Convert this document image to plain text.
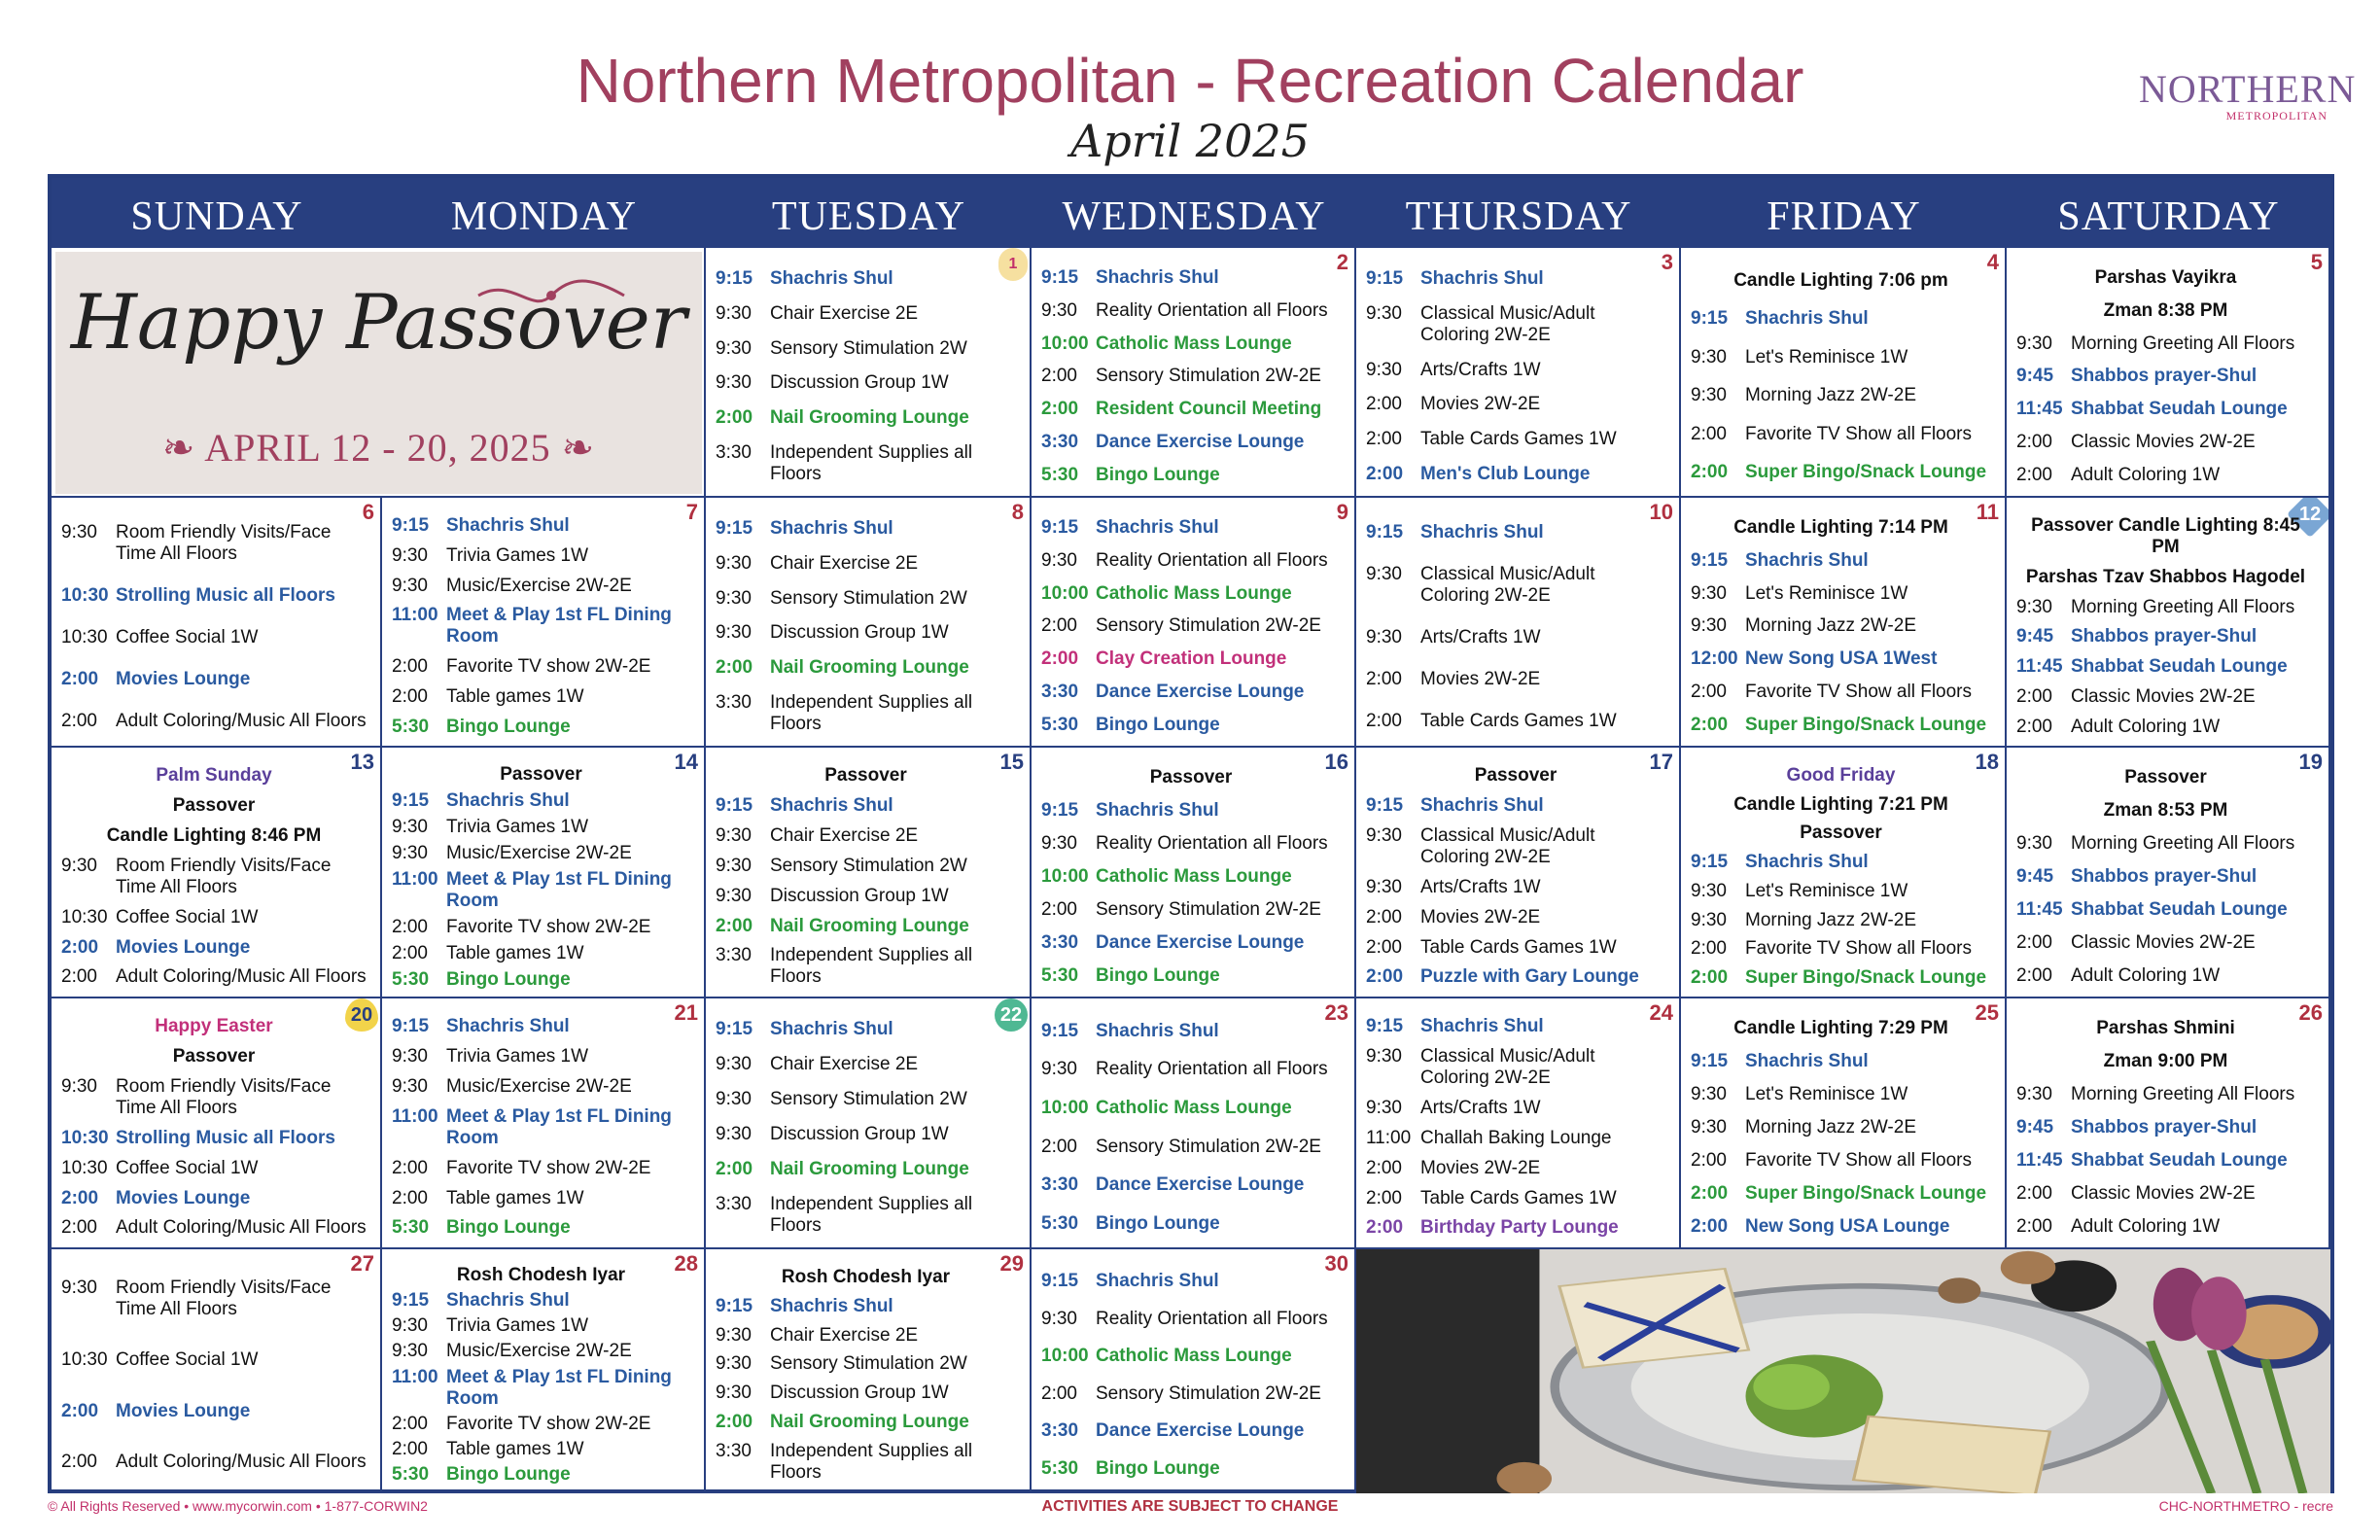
Northern Metropolitan - Recreation Calendar
April 2025
NORTHERN
METROPOLITAN
SUNDAY	MONDAY	TUESDAY	WEDNESDAY	THURSDAY	FRIDAY	SATURDAY
Happy Passover
❧ APRIL 12 - 20, 2025 ❧
1
9:15 Shachris Shul
9:30	Chair Exercise 2E
9:30	Sensory Stimulation 2W
9:30	Discussion Group 1W
2:00 Nail Grooming Lounge
3:30	Independent Supplies all Floors
2
9:15 Shachris Shul
9:30	Reality Orientation all Floors
10:00 Catholic Mass Lounge
2:00	Sensory Stimulation 2W-2E
2:00 Resident Council Meeting
3:30 Dance Exercise Lounge
5:30 Bingo Lounge
3
9:15 Shachris Shul
9:30	Classical Music/Adult Coloring 2W-2E
9:30	Arts/Crafts 1W
2:00	Movies 2W-2E
2:00	Table Cards Games 1W
2:00 Men's Club Lounge
4
Candle Lighting 7:06 pm
9:15 Shachris Shul
9:30	Let's Reminisce 1W
9:30	Morning Jazz 2W-2E
2:00	Favorite TV Show all Floors
2:00 Super Bingo/Snack Lounge
5
Parshas Vayikra
Zman 8:38 PM
9:30	Morning Greeting All Floors
9:45 Shabbos prayer-Shul
11:45 Shabbat Seudah Lounge
2:00	Classic Movies 2W-2E
2:00	Adult Coloring 1W
6
9:30	Room Friendly Visits/Face Time All Floors
10:30 Strolling Music all Floors
10:30 Coffee Social 1W
2:00 Movies Lounge
2:00	Adult Coloring/Music All Floors
7
9:15 Shachris Shul
9:30	Trivia Games 1W
9:30	Music/Exercise 2W-2E
11:00 Meet & Play 1st FL Dining Room
2:00	Favorite TV show 2W-2E
2:00	Table games 1W
5:30 Bingo Lounge
8
9:15 Shachris Shul
9:30	Chair Exercise 2E
9:30	Sensory Stimulation 2W
9:30	Discussion Group 1W
2:00 Nail Grooming Lounge
3:30	Independent Supplies all Floors
9
9:15 Shachris Shul
9:30	Reality Orientation all Floors
10:00 Catholic Mass Lounge
2:00	Sensory Stimulation 2W-2E
2:00 Clay Creation Lounge
3:30 Dance Exercise Lounge
5:30 Bingo Lounge
10
9:15 Shachris Shul
9:30	Classical Music/Adult Coloring 2W-2E
9:30	Arts/Crafts 1W
2:00	Movies 2W-2E
2:00	Table Cards Games 1W
11
Candle Lighting 7:14 PM
9:15 Shachris Shul
9:30	Let's Reminisce 1W
9:30	Morning Jazz 2W-2E
12:00 New Song USA 1West
2:00	Favorite TV Show all Floors
2:00 Super Bingo/Snack Lounge
12
Passover Candle Lighting 8:45 PM
Parshas Tzav Shabbos Hagodel
9:30	Morning Greeting All Floors
9:45 Shabbos prayer-Shul
11:45 Shabbat Seudah Lounge
2:00	Classic Movies 2W-2E
2:00	Adult Coloring 1W
13
Palm Sunday
Passover
Candle Lighting 8:46 PM
9:30	Room Friendly Visits/Face Time All Floors
10:30 Coffee Social 1W
2:00 Movies Lounge
2:00	Adult Coloring/Music All Floors
14
Passover
9:15 Shachris Shul
9:30	Trivia Games 1W
9:30	Music/Exercise 2W-2E
11:00 Meet & Play 1st FL Dining Room
2:00	Favorite TV show 2W-2E
2:00	Table games 1W
5:30 Bingo Lounge
15
Passover
9:15 Shachris Shul
9:30	Chair Exercise 2E
9:30	Sensory Stimulation 2W
9:30	Discussion Group 1W
2:00 Nail Grooming Lounge
3:30	Independent Supplies all Floors
16
Passover
9:15 Shachris Shul
9:30	Reality Orientation all Floors
10:00 Catholic Mass Lounge
2:00	Sensory Stimulation 2W-2E
3:30 Dance Exercise Lounge
5:30 Bingo Lounge
17
Passover
9:15 Shachris Shul
9:30	Classical Music/Adult Coloring 2W-2E
9:30	Arts/Crafts 1W
2:00	Movies 2W-2E
2:00	Table Cards Games 1W
2:00 Puzzle with Gary Lounge
18
Good Friday
Candle Lighting 7:21 PM
Passover
9:15 Shachris Shul
9:30	Let's Reminisce 1W
9:30	Morning Jazz 2W-2E
2:00	Favorite TV Show all Floors
2:00 Super Bingo/Snack Lounge
19
Passover
Zman 8:53 PM
9:30	Morning Greeting All Floors
9:45 Shabbos prayer-Shul
11:45 Shabbat Seudah Lounge
2:00	Classic Movies 2W-2E
2:00	Adult Coloring 1W
20
Happy Easter
Passover
9:30	Room Friendly Visits/Face Time All Floors
10:30 Strolling Music all Floors
10:30 Coffee Social 1W
2:00 Movies Lounge
2:00	Adult Coloring/Music All Floors
21
9:15 Shachris Shul
9:30	Trivia Games 1W
9:30	Music/Exercise 2W-2E
11:00 Meet & Play 1st FL Dining Room
2:00	Favorite TV show 2W-2E
2:00	Table games 1W
5:30 Bingo Lounge
22
9:15 Shachris Shul
9:30	Chair Exercise 2E
9:30	Sensory Stimulation 2W
9:30	Discussion Group 1W
2:00 Nail Grooming Lounge
3:30	Independent Supplies all Floors
23
9:15 Shachris Shul
9:30	Reality Orientation all Floors
10:00 Catholic Mass Lounge
2:00	Sensory Stimulation 2W-2E
3:30 Dance Exercise Lounge
5:30 Bingo Lounge
24
9:15 Shachris Shul
9:30	Classical Music/Adult Coloring 2W-2E
9:30	Arts/Crafts 1W
11:00 Challah Baking Lounge
2:00	Movies 2W-2E
2:00	Table Cards Games 1W
2:00 Birthday Party Lounge
25
Candle Lighting 7:29 PM
9:15 Shachris Shul
9:30	Let's Reminisce 1W
9:30	Morning Jazz 2W-2E
2:00	Favorite TV Show all Floors
2:00 Super Bingo/Snack Lounge
2:00 New Song USA Lounge
26
Parshas Shmini
Zman 9:00 PM
9:30	Morning Greeting All Floors
9:45 Shabbos prayer-Shul
11:45 Shabbat Seudah Lounge
2:00	Classic Movies 2W-2E
2:00	Adult Coloring 1W
27
9:30	Room Friendly Visits/Face Time All Floors
10:30 Coffee Social 1W
2:00 Movies Lounge
2:00	Adult Coloring/Music All Floors
28
Rosh Chodesh Iyar
9:15 Shachris Shul
9:30	Trivia Games 1W
9:30	Music/Exercise 2W-2E
11:00 Meet & Play 1st FL Dining Room
2:00	Favorite TV show 2W-2E
2:00	Table games 1W
5:30 Bingo Lounge
29
Rosh Chodesh Iyar
9:15 Shachris Shul
9:30	Chair Exercise 2E
9:30	Sensory Stimulation 2W
9:30	Discussion Group 1W
2:00 Nail Grooming Lounge
3:30	Independent Supplies all Floors
30
9:15 Shachris Shul
9:30	Reality Orientation all Floors
10:00 Catholic Mass Lounge
2:00	Sensory Stimulation 2W-2E
3:30 Dance Exercise Lounge
5:30 Bingo Lounge
© All Rights Reserved • www.mycorwin.com • 1-877-CORWIN2	ACTIVITIES ARE SUBJECT TO CHANGE	CHC-NORTHMETRO - recre
